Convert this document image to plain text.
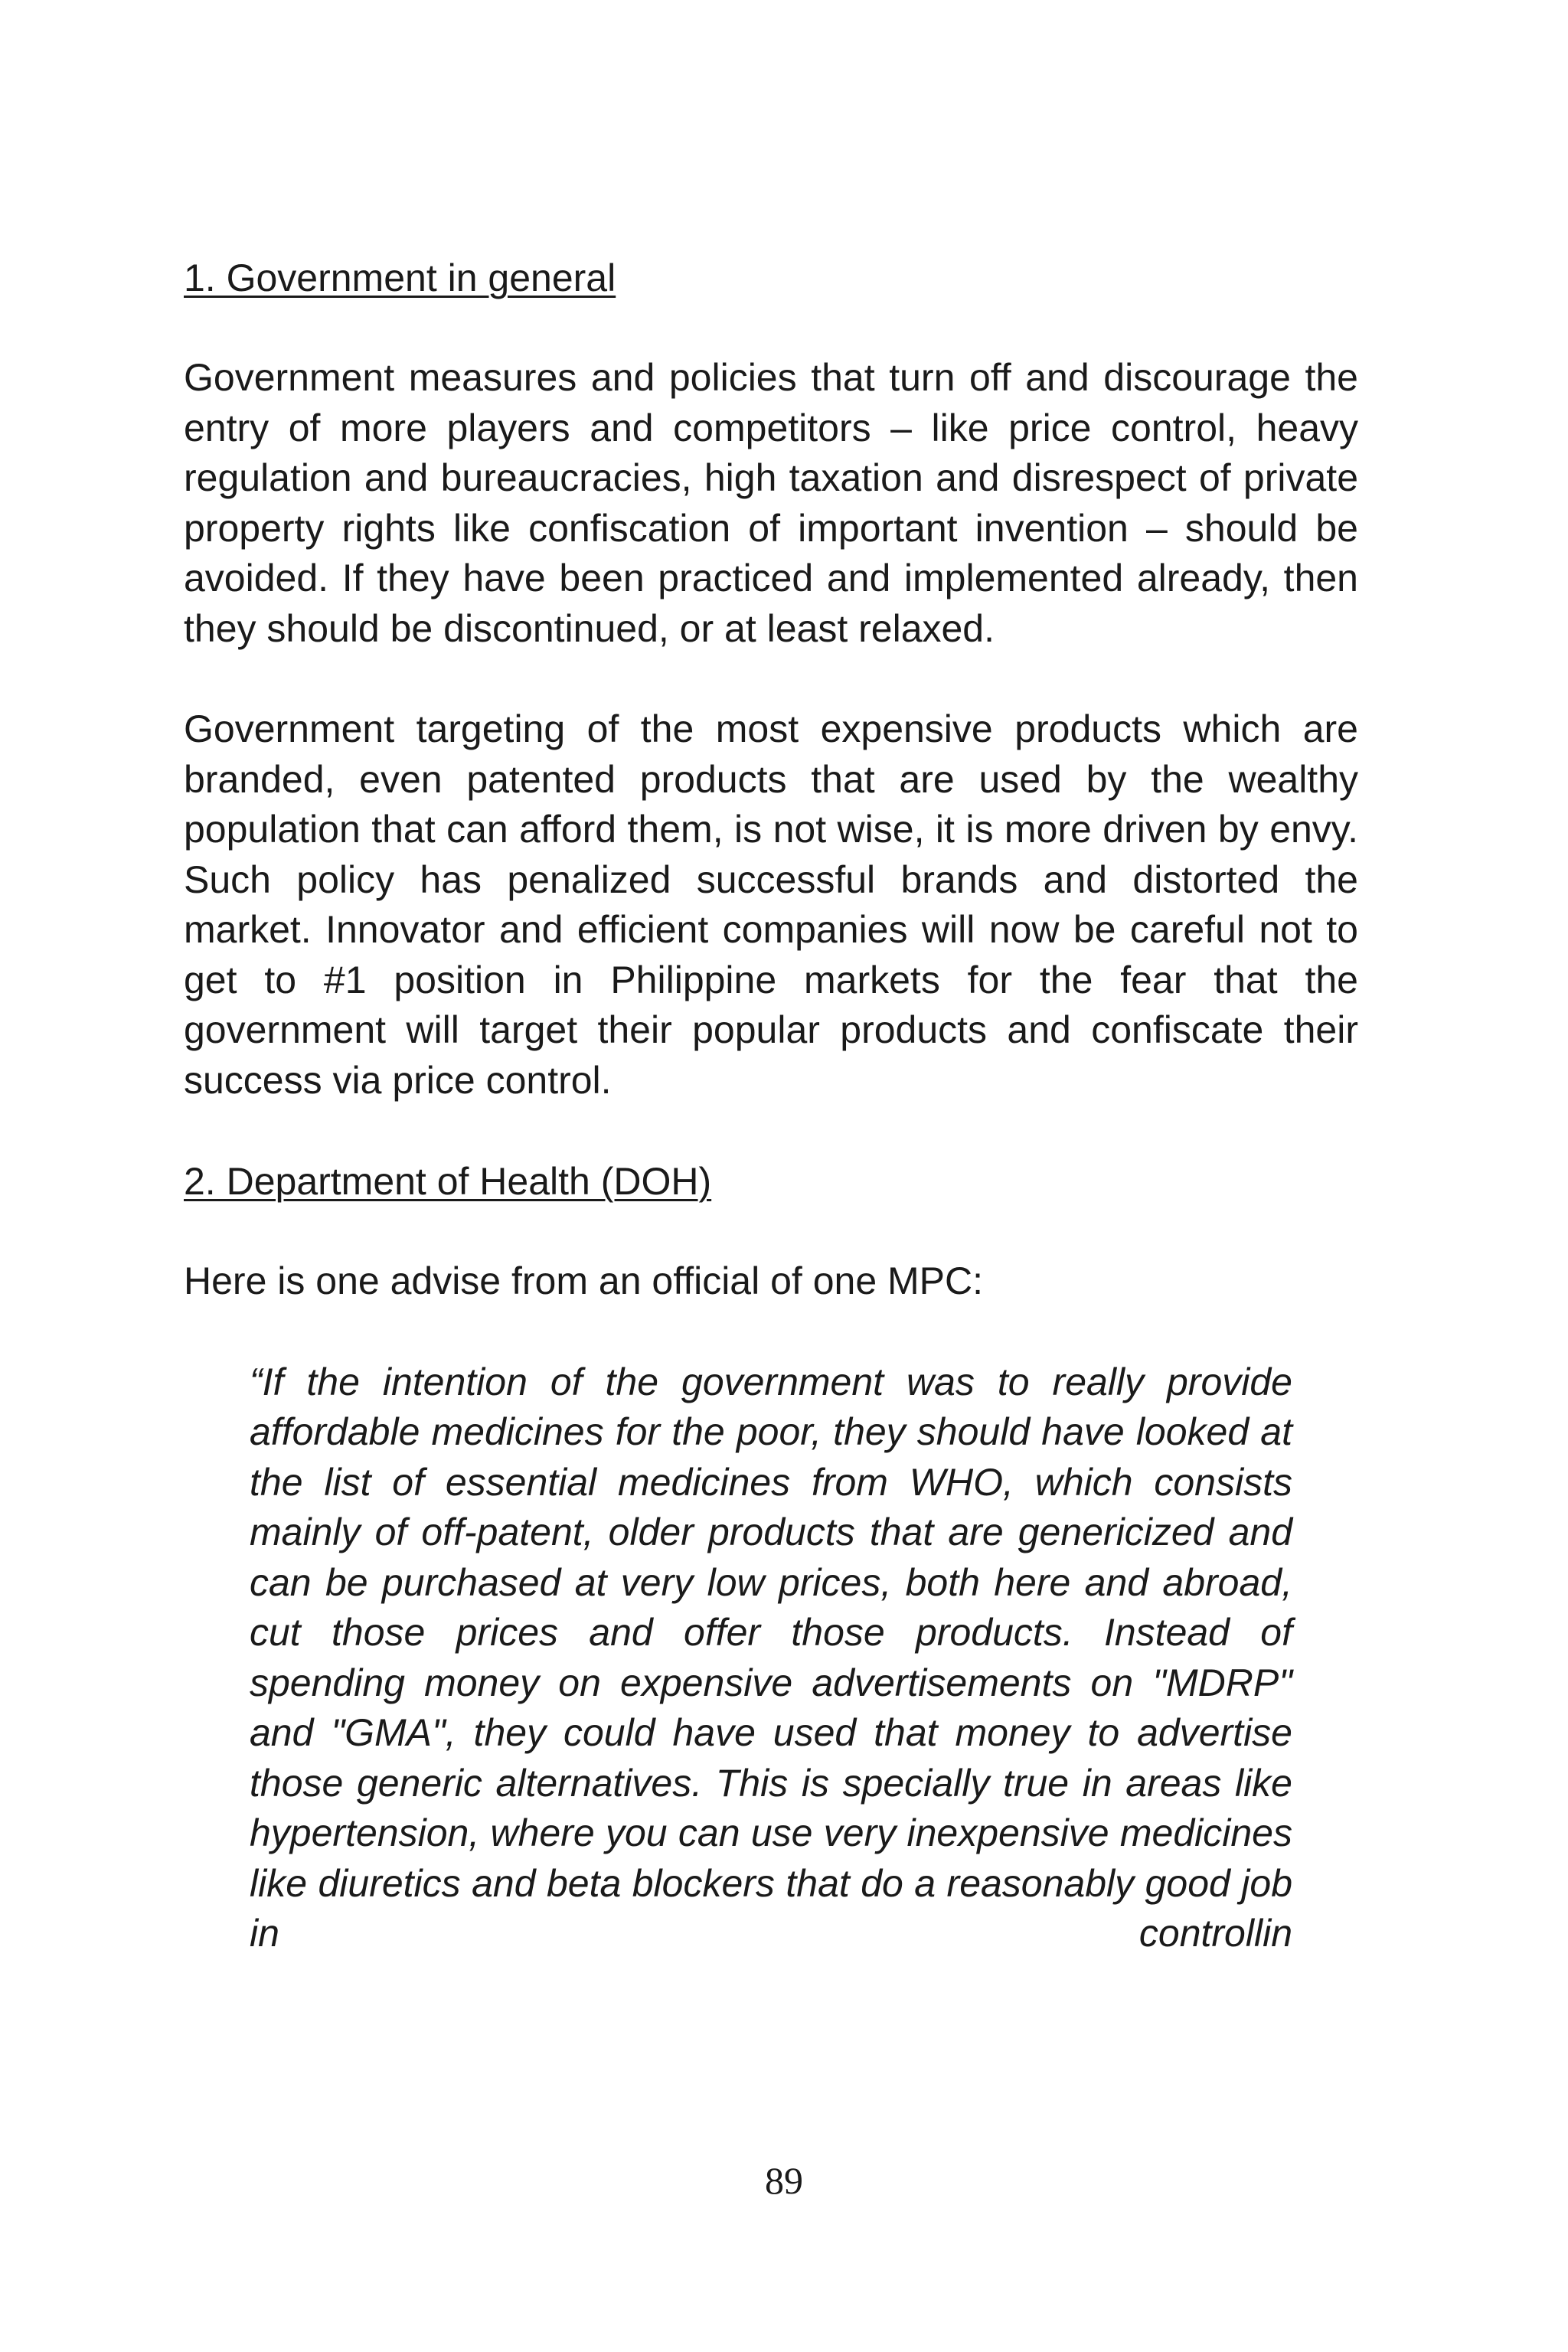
1. Government in general

Government measures and policies that turn off and discourage the entry of more players and competitors – like price control, heavy regulation and bureaucracies, high taxation and disrespect of private property rights like confiscation of important invention – should be avoided. If they have been practiced and implemented already, then they should be discontinued, or at least relaxed.

Government targeting of the most expensive products which are branded, even patented products that are used by the wealthy population that can afford them, is not wise, it is more driven by envy. Such policy has penalized successful brands and distorted the market. Innovator and efficient companies will now be careful not to get to #1 position in Philippine markets for the fear that the government will target their popular products and confiscate their success via price control.

2. Department of Health (DOH)

Here is one advise from an official of one MPC:

“If the intention of the government was to really provide affordable medicines for the poor, they should have looked at the list of essential medicines from WHO, which consists mainly of off-patent, older products that are genericized and can be purchased at very low prices, both here and abroad, cut those prices and offer those products. Instead of spending money on expensive advertisements on "MDRP" and "GMA", they could have used that money to advertise those generic alternatives. This is specially true in areas like hypertension, where you can use very inexpensive medicines like diuretics and beta blockers that do a reasonably good job in controllin

89
